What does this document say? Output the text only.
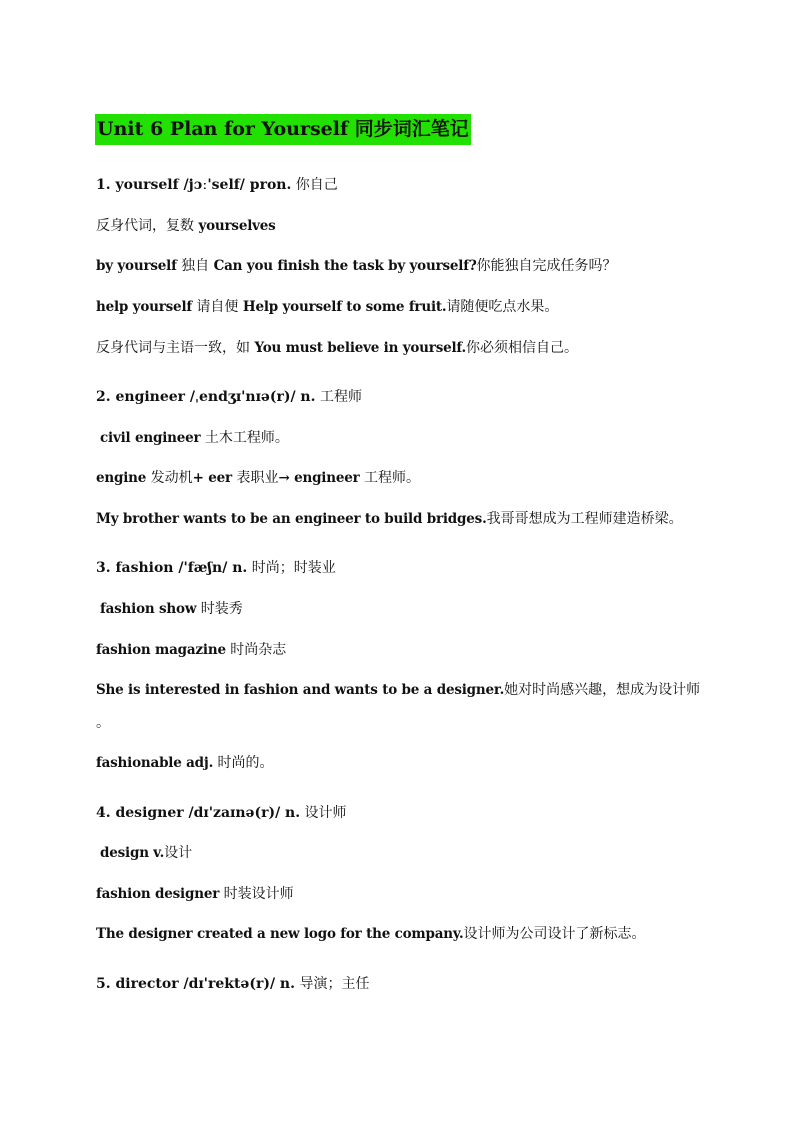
Unit 6 Plan for Yourself 同步词汇笔记
1. yourself /jɔː'self/ pron. 你自己
反身代词，复数 yourselves
by yourself 独自 Can you finish the task by yourself?你能独自完成任务吗？
help yourself 请自便 Help yourself to some fruit.请随便吃点水果。
反身代词与主语一致，如 You must believe in yourself.你必须相信自己。
2. engineer /ˌendʒɪ'nɪə(r)/ n. 工程师
civil engineer 土木工程师。
engine 发动机+ eer 表职业→ engineer 工程师。
My brother wants to be an engineer to build bridges.我哥哥想成为工程师建造桥梁。
3. fashion /'fæʃn/ n. 时尚；时装业
fashion show 时装秀
fashion magazine 时尚杂志
She is interested in fashion and wants to be a designer.她对时尚感兴趣，想成为设计师
。
fashionable adj. 时尚的。
4. designer /dɪ'zaɪnə(r)/ n. 设计师
design v.设计
fashion designer 时装设计师
The designer created a new logo for the company.设计师为公司设计了新标志。
5. director /dɪ'rektə(r)/ n. 导演；主任
